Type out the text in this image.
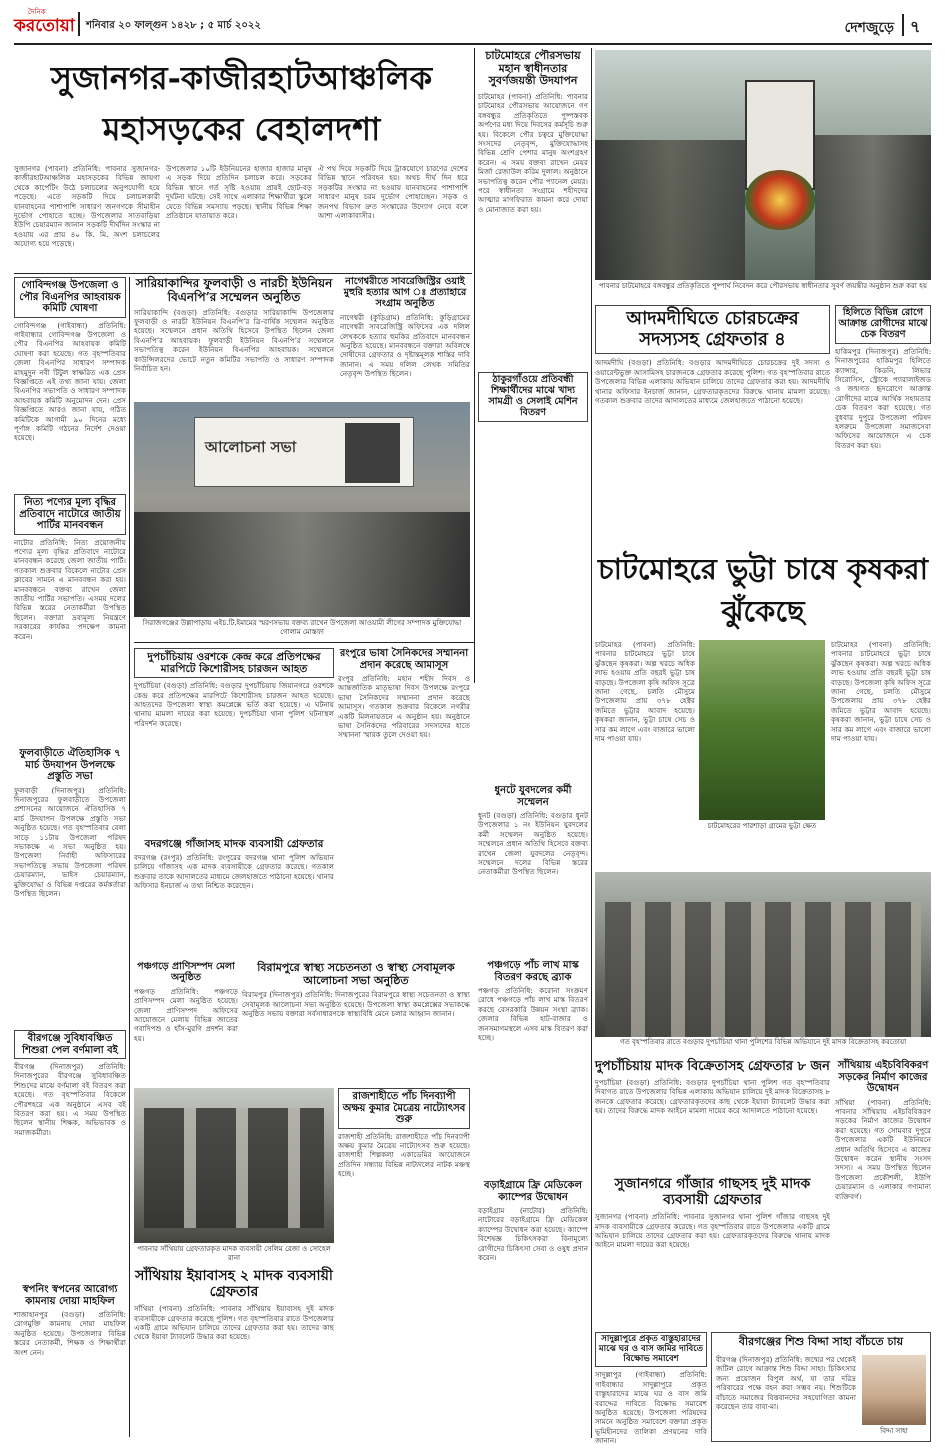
দৈনিক
করতোয়া শনিবার ২০ ফাল্গুন ১৪২৮ ; ৫ মার্চ ২০২২	দেশজুড়ে ৭
সুজানগর-কাজীরহাটআঞ্চলিক
মহাসড়কের বেহালদশা
সুজানগর (পাবনা) প্রতিনিধি: পাবনার সুজানগর-কাজীরহাটআঞ্চলিক মহাসড়কের বিভিন্ন জায়গা থেকে কার্পেটিং উঠে চলাচলের অনুপযোগী হয়ে পড়েছে। এতে সড়কটি দিয়ে চলাচলকারী যানবাহনের পাশাপাশি সাধারণ জনগণকে সীমাহীন দুর্ভোগ পোহাতে হচ্ছে। উপজেলার সাতবাড়িয়া ইউপি চেয়ারম্যান জানান সড়কটি দীর্ঘদিন সংস্কার না হওয়ায় এর প্রায় ৪০ কি. মি. অংশ চলাচলের অযোগ্য হয়ে পড়েছে।
উপজেলার ১০টি ইউনিয়নের হাজার হাজার মানুষ এ সড়ক দিয়ে প্রতিদিন চলাচল করে। সড়কের বিভিন্ন স্থানে গর্ত সৃষ্টি হওয়ায় প্রায়ই ছোট-বড় দুর্ঘটনা ঘটছে। সেই সাথে এলাকার শিক্ষার্থীরা স্কুলে যেতে বিভিন্ন সমস্যায় পড়ছে। স্থানীয় বিভিন্ন শিক্ষা প্রতিষ্ঠানে যাতায়াত করে।
ঐ পথ দিয়ে সড়কটি দিয়ে ট্রাকযোগে চারণের দেশের বিভিন্ন স্থানে পরিবহন হয়। অথচ দীর্ঘ দিন ধরে সড়কটির সংস্কার না হওয়ায় যানবাহনের পাশাপাশি সাধারণ মানুষ চরম দুর্ভোগ পোহাচ্ছেন। সড়ক ও জনপথ বিভাগ দ্রুত সংস্কারের উদ্যোগ নেবে বলে আশা এলাকাবাসীর।
চাটমোহরে পৌরসভায় মহান স্বাধীনতার সুবর্ণজয়ন্তী উদযাপন
চাটমোহর (পাবনা) প্রতিনিধি: পাবনার চাটমোহর পৌরসভায় আয়োজনে গণ বঙ্গবন্ধুর প্রতিকৃতিতে পুষ্পস্তবক অর্পণের মধ্য দিয়ে দিবসের কর্মসূচি শুরু হয়। বিকেলে পৌর চত্বরে মুক্তিযোদ্ধা সংসদের নেতৃবৃন্দ, মুক্তিযোদ্ধাসহ বিভিন্ন শ্রেণি পেশার মানুষ অংশগ্রহণ করেন। এ সময় বক্তব্য রাখেন মেয়র মির্জা রেজাউল করিম দুলাল। অনুষ্ঠানে সভাপতিত্ব করেন পৌর প্যানেল মেয়র। পরে স্বাধীনতা সংগ্রামে শহীদদের আত্মার মাগফিরাত কামনা করে দোয়া ও মোনাজাত করা হয়।
পাবনার চাটমোহরে বঙ্গবন্ধুর প্রতিকৃতিতে পুষ্পার্ঘ নিবেদন করে পৌরসভায় স্বাধীনতার সুবর্ণ জয়ন্তীর অনুষ্ঠান শুরু করা হয়
গোবিন্দগঞ্জ উপজেলা ও পৌর বিএনপির আহবায়ক কমিটি ঘোষণা
গোবিন্দগঞ্জ (গাইবান্ধা) প্রতিনিধি: গাইবান্ধার গোবিন্দগঞ্জ উপজেলা ও পৌর বিএনপির আহবায়ক কমিটি ঘোষণা করা হয়েছে। গত বৃহস্পতিবার জেলা বিএনপির সাধারণ সম্পাদক মাহমুদুন নবী টিটুল স্বাক্ষরিত এক প্রেস বিজ্ঞপ্তিতে এই তথ্য জানা যায়। জেলা বিএনপির সভাপতি ও সাধারণ সম্পাদক আহবায়ক কমিটি অনুমোদন দেন। প্রেস বিজ্ঞপ্তিতে আরও জানা যায়, গঠিত কমিটিকে আগামী ৯০ দিনের মধ্যে পূর্ণাঙ্গ কমিটি গঠনের নির্দেশ দেওয়া হয়েছে।
নিত্য পণ্যের মূল্য বৃদ্ধির প্রতিবাদে নাটোরে জাতীয় পার্টির মানববন্ধন
নাটোর প্রতিনিধি: নিত্য প্রয়োজনীয় পণ্যের মূল্য বৃদ্ধির প্রতিবাদে নাটোরে মানববন্ধন করেছে জেলা জাতীয় পার্টি। গতকাল শুক্রবার বিকেলে নাটোর প্রেস ক্লাবের সামনে এ মানববন্ধন করা হয়। মানববন্ধনে বক্তব্য রাখেন জেলা জাতীয় পার্টির সভাপতি। এসময় দলের বিভিন্ন স্তরের নেতাকর্মীরা উপস্থিত ছিলেন। বক্তারা দ্রব্যমূল্য নিয়ন্ত্রণে সরকারের কার্যকর পদক্ষেপ কামনা করেন।
ফুলবাড়ীতে ঐতিহাসিক ৭ মার্চ উদযাপন উপলক্ষে প্রস্তুতি সভা
ফুলবাড়ী (দিনাজপুর) প্রতিনিধি: দিনাজপুরের ফুলবাড়ীতে উপজেলা প্রশাসনের আয়োজনে ঐতিহাসিক ৭ মার্চ উদযাপন উপলক্ষে প্রস্তুতি সভা অনুষ্ঠিত হয়েছে। গত বৃহস্পতিবার বেলা সাড়ে ১১টায় উপজেলা পরিষদ সভাকক্ষে এ সভা অনুষ্ঠিত হয়। উপজেলা নির্বাহী অফিসারের সভাপতিত্বে সভায় উপজেলা পরিষদ চেয়ারম্যান, ভাইস চেয়ারম্যান, মুক্তিযোদ্ধা ও বিভিন্ন দপ্তরের কর্মকর্তারা উপস্থিত ছিলেন।
বীরগঞ্জে সুবিধাবঞ্চিত শিশুরা পেল বর্ণমালা বই
বীরগঞ্জ (দিনাজপুর) প্রতিনিধি: দিনাজপুরের বীরগঞ্জে সুবিধাবঞ্চিত শিশুদের মাঝে বর্ণমালা বই বিতরণ করা হয়েছে। গত বৃহস্পতিবার বিকেলে পৌরশহরে এক অনুষ্ঠানে এসব বই বিতরণ করা হয়। এ সময় উপস্থিত ছিলেন স্থানীয় শিক্ষক, অভিভাবক ও সমাজকর্মীরা।
স্বপনিং স্বপনের আরোগ্য কামনায় দোয়া মাহফিল
শাজাহানপুর (বগুড়া) প্রতিনিধি: রোগমুক্তি কামনায় দোয়া মাহফিল অনুষ্ঠিত হয়েছে। উপজেলার বিভিন্ন স্তরের নেতাকর্মী, শিক্ষক ও শিক্ষার্থীরা অংশ নেন।
সারিয়াকান্দির ফুলবাড়ী ও নারচী ইউনিয়ন বিএনপি’র সম্মেলন অনুষ্ঠিত
সারিয়াকান্দি (বগুড়া) প্রতিনিধি: বগুড়ার সারিয়াকান্দি উপজেলার ফুলবাড়ী ও নারচী ইউনিয়ন বিএনপি’র ত্রি-বার্ষিক সম্মেলন অনুষ্ঠিত হয়েছে। সম্মেলনে প্রধান অতিথি হিসেবে উপস্থিত ছিলেন জেলা বিএনপি’র আহবায়ক। ফুলবাড়ী ইউনিয়ন বিএনপি’র সম্মেলনে সভাপতিত্ব করেন ইউনিয়ন বিএনপির আহবায়ক। সম্মেলনে কাউন্সিলরদের ভোটে নতুন কমিটির সভাপতি ও সাধারণ সম্পাদক নির্বাচিত হন।
নাগেশ্বরীতে সাবরেজিস্ট্রির ওয়াই মুহুরি হত্যার আগ ঃ প্রত্যাহারে সংগ্রাম অনুষ্ঠিত
নাগেশ্বরী (কুড়িগ্রাম) প্রতিনিধি: কুড়িগ্রামের নাগেশ্বরী সাবরেজিস্ট্রি অফিসের এক দলিল লেখককে হত্যার হুমকির প্রতিবাদে মানববন্ধন অনুষ্ঠিত হয়েছে। মানববন্ধনে বক্তারা অবিলম্বে দোষীদের গ্রেফতার ও দৃষ্টান্তমূলক শাস্তির দাবি জানান। এ সময় দলিল লেখক সমিতির নেতৃবৃন্দ উপস্থিত ছিলেন।
আলোচনা সভা
সিরাজগঞ্জের উল্লাপাড়ায় এইচ.টি.ইমামের স্মরণসভায় বক্তব্য রাখেন উপজেলা আওয়ামী লীগের সম্পাদক মুক্তিযোদ্ধা গোলাম মোস্তফা
ঠাকুরগাঁওয়ে প্রতিবন্ধী শিক্ষার্থীদের মাঝে খাদ্য সামগ্রী ও সেলাই মেশিন বিতরণ
আদমদীঘিতে চোরচক্রের সদস্যসহ গ্রেফতার ৪
আদমদীঘি (বগুড়া) প্রতিনিধি: বগুড়ার আদমদীঘিতে চোরচক্রের দুই সদস্য ও ওয়ারেন্টভুক্ত আসামিসহ চারজনকে গ্রেফতার করেছে পুলিশ। গত বৃহস্পতিবার রাতে উপজেলার বিভিন্ন এলাকায় অভিযান চালিয়ে তাদের গ্রেফতার করা হয়। আদমদীঘি থানার অফিসার ইনচার্জ জানান, গ্রেফতারকৃতদের বিরুদ্ধে থানায় মামলা রয়েছে। গতকাল শুক্রবার তাদের আদালতের মাধ্যমে জেলহাজতে পাঠানো হয়েছে।
হিলিতে বিভিন্ন রোগে আক্রান্ত রোগীদের মাঝে চেক বিতরণ
হাকিমপুর (দিনাজপুর) প্রতিনিধি: দিনাজপুরের হাকিমপুর হিলিতে ক্যান্সার, কিডনি, লিভার সিরোসিস, স্ট্রোকে প্যারালাইজড ও জন্মগত হৃদরোগে আক্রান্ত রোগীদের মাঝে আর্থিক সহায়তার চেক বিতরণ করা হয়েছে। গত বুধবার দুপুরে উপজেলা পরিষদ হলরুমে উপজেলা সমাজসেবা অফিসের আয়োজনে এ চেক বিতরণ করা হয়।
চাটমোহরে ভুট্টা চাষে কৃষকরা ঝুঁকেছে
চাটমোহর (পাবনা) প্রতিনিধি: পাবনার চাটমোহরে ভুট্টা চাষে ঝুঁকছেন কৃষকরা। অল্প খরচে অধিক লাভ হওয়ায় প্রতি বছরই ভুট্টা চাষ বাড়ছে। উপজেলা কৃষি অফিস সূত্রে জানা গেছে, চলতি মৌসুমে উপজেলায় প্রায় ৩৭৮ হেক্টর জমিতে ভুট্টার আবাদ হয়েছে। কৃষকরা জানান, ভুট্টা চাষে সেচ ও সার কম লাগে এবং বাজারে ভালো দাম পাওয়া যায়।
চাটমোহরের পারশাড়া গ্রামের ভুট্টা ক্ষেত
চাটমোহর (পাবনা) প্রতিনিধি: পাবনার চাটমোহরে ভুট্টা চাষে ঝুঁকছেন কৃষকরা। অল্প খরচে অধিক লাভ হওয়ায় প্রতি বছরই ভুট্টা চাষ বাড়ছে। উপজেলা কৃষি অফিস সূত্রে জানা গেছে, চলতি মৌসুমে উপজেলায় প্রায় ৩৭৮ হেক্টর জমিতে ভুট্টার আবাদ হয়েছে। কৃষকরা জানান, ভুট্টা চাষে সেচ ও সার কম লাগে এবং বাজারে ভালো দাম পাওয়া যায়।
গত বৃহস্পতিবার রাতে বগুড়ার দুপচাঁচিয়া থানা পুলিশের বিভিন্ন অভিযানে দুই মাদক বিক্রেতাসহ করতোয়া
দুপচাঁচিয়ায় মাদক বিক্রেতাসহ গ্রেফতার ৮ জন
দুপচাঁচিয়া (বগুড়া) প্রতিনিধি: বগুড়ার দুপচাঁচিয়া থানা পুলিশ গত বৃহস্পতিবার দিবাগত রাতে উপজেলার বিভিন্ন এলাকায় অভিযান চালিয়ে দুই মাদক বিক্রেতাসহ ৮ জনকে গ্রেফতার করেছে। গ্রেফতারকৃতদের কাছ থেকে ইয়াবা ট্যাবলেট উদ্ধার করা হয়। তাদের বিরুদ্ধে মাদক আইনে মামলা দায়ের করে আদালতে পাঠানো হয়েছে।
সাঁথিয়ায় এইচবিবিকরণ সড়কের নির্মাণ কাজের উদ্বোধন
সাঁথিয়া (পাবনা) প্রতিনিধি: পাবনার সাঁথিয়ায় এইচবিবিকরণ সড়কের নির্মাণ কাজের উদ্বোধন করা হয়েছে। গত সোমবার দুপুরে উপজেলার একটি ইউনিয়নে প্রধান অতিথি হিসেবে এ কাজের উদ্বোধন করেন স্থানীয় সংসদ সদস্য। এ সময় উপস্থিত ছিলেন উপজেলা প্রকৌশলী, ইউপি চেয়ারম্যান ও এলাকার গণ্যমান্য ব্যক্তিবর্গ।
সুজানগরে গাঁজার গাছসহ দুই মাদক ব্যবসায়ী গ্রেফতার
সুজানগর (পাবনা) প্রতিনিধি: পাবনার সুজানগর থানা পুলিশ গাঁজার গাছসহ দুই মাদক ব্যবসায়ীকে গ্রেফতার করেছে। গত বৃহস্পতিবার রাতে উপজেলার একটি গ্রামে অভিযান চালিয়ে তাদের গ্রেফতার করা হয়। গ্রেফতারকৃতদের বিরুদ্ধে থানায় মাদক আইনে মামলা দায়ের করা হয়েছে।
সাদুল্লাপুরে প্রকৃত বাস্তুহারাদের মাঝে ঘর ও বাস জমির দাবিতে বিক্ষোভ সমাবেশ
সাদুল্লাপুর (গাইবান্ধা) প্রতিনিধি: গাইবান্ধার সাদুল্লাপুরে প্রকৃত বাস্তুহারাদের মাঝে ঘর ও বাস জমি বরাদ্দের দাবিতে বিক্ষোভ সমাবেশ অনুষ্ঠিত হয়েছে। উপজেলা পরিষদের সামনে অনুষ্ঠিত সমাবেশে বক্তারা প্রকৃত ভূমিহীনদের তালিকা প্রণয়নের দাবি জানান।
বীরগঞ্জের শিশু বিদ্দা সাহা বাঁচতে চায়
বীরগঞ্জ (দিনাজপুর) প্রতিনিধি: জন্মের পর থেকেই জটিল রোগে আক্রান্ত শিশু বিদ্দা সাহা। চিকিৎসার জন্য প্রয়োজন বিপুল অর্থ, যা তার দরিদ্র পরিবারের পক্ষে বহন করা সম্ভব নয়। শিশুটিকে বাঁচাতে সমাজের বিত্তবানদের সহযোগিতা কামনা করেছেন তার বাবা-মা।
বিদ্দা সাহা
দুপচাঁচিয়ায় ওরশকে কেন্দ্র করে প্রতিপক্ষের মারপিটে কিশোরীসহ চারজন আহত
দুপচাঁচিয়া (বগুড়া) প্রতিনিধি: বগুড়ার দুপচাঁচিয়ায় জিয়ানগরে ওরশকে কেন্দ্র করে প্রতিপক্ষের মারপিটে কিশোরীসহ চারজন আহত হয়েছে। আহতদের উপজেলা স্বাস্থ্য কমপ্লেক্সে ভর্তি করা হয়েছে। এ ঘটনায় থানায় মামলা দায়ের করা হয়েছে। দুপচাঁচিয়া থানা পুলিশ ঘটনাস্থল পরিদর্শন করেছে।
রংপুরে ভাষা সৈনিকদের সম্মাননা প্রদান করেছে আমাসূস
রংপুর প্রতিনিধি: মহান শহীদ দিবস ও আন্তর্জাতিক মাতৃভাষা দিবস উপলক্ষে রংপুরে ভাষা সৈনিকদের সম্মাননা প্রদান করেছে আমাসূস। গতকাল শুক্রবার বিকেলে নগরীর একটি মিলনায়তনে এ অনুষ্ঠান হয়। অনুষ্ঠানে ভাষা সৈনিকদের পরিবারের সদস্যদের হাতে সম্মাননা স্মারক তুলে দেওয়া হয়।
ধুনটে যুবদলের কর্মী সম্মেলন
ধুনট (বগুড়া) প্রতিনিধি: বগুড়ার ধুনট উপজেলার ১ নং ইউনিয়ন যুবদলের কর্মী সম্মেলন অনুষ্ঠিত হয়েছে। সম্মেলনে প্রধান অতিথি হিসেবে বক্তব্য রাখেন জেলা যুবদলের নেতৃবৃন্দ। সম্মেলনে দলের বিভিন্ন স্তরের নেতাকর্মীরা উপস্থিত ছিলেন।
বদরগঞ্জে গাঁজাসহ মাদক ব্যবসায়ী গ্রেফতার
বদরগঞ্জ (রংপুর) প্রতিনিধি: রংপুরের বদরগঞ্জ থানা পুলিশ অভিযান চালিয়ে গাঁজাসহ এক মাদক ব্যবসায়ীকে গ্রেফতার করেছে। গতকাল শুক্রবার তাকে আদালতের মাধ্যমে জেলহাজতে পাঠানো হয়েছে। থানার অফিসার ইনচার্জ এ তথ্য নিশ্চিত করেছেন।
পঞ্চগড়ে প্রাণিসম্পদ মেলা অনুষ্ঠিত
পঞ্চগড় প্রতিনিধি: পঞ্চগড়ে প্রাণিসম্পদ মেলা অনুষ্ঠিত হয়েছে। জেলা প্রাণিসম্পদ অফিসের আয়োজনে মেলায় বিভিন্ন জাতের গবাদিপশু ও হাঁস-মুরগি প্রদর্শন করা হয়।
বিরামপুরে স্বাস্থ্য সচেতনতা ও স্বাস্থ্য সেবামূলক আলোচনা সভা অনুষ্ঠিত
বিরামপুর (দিনাজপুর) প্রতিনিধি: দিনাজপুরের বিরামপুরে স্বাস্থ্য সচেতনতা ও স্বাস্থ্য সেবামূলক আলোচনা সভা অনুষ্ঠিত হয়েছে। উপজেলা স্বাস্থ্য কমপ্লেক্সের সভাকক্ষে অনুষ্ঠিত সভায় বক্তারা সর্বসাধারণকে স্বাস্থ্যবিধি মেনে চলার আহ্বান জানান।
পঞ্চগড়ে পাঁচ লাখ মাস্ক বিতরণ করছে ব্র্যাক
পঞ্চগড় প্রতিনিধি: করোনা সংক্রমণ রোধে পঞ্চগড়ে পাঁচ লাখ মাস্ক বিতরণ করছে বেসরকারি উন্নয়ন সংস্থা ব্র্যাক। জেলার বিভিন্ন হাট-বাজার ও জনসমাগমস্থলে এসব মাস্ক বিতরণ করা হচ্ছে।
পাবনার সাঁথিয়ায় গ্রেফতারকৃত মাদক ব্যবসায়ী সেলিম রেজা ও সোহেল রানা
সাঁথিয়ায় ইয়াবাসহ ২ মাদক ব্যবসায়ী গ্রেফতার
সাঁথিয়া (পাবনা) প্রতিনিধি: পাবনার সাঁথিয়ায় ইয়াবাসহ দুই মাদক ব্যবসায়ীকে গ্রেফতার করেছে পুলিশ। গত বৃহস্পতিবার রাতে উপজেলার একটি গ্রামে অভিযান চালিয়ে তাদের গ্রেফতার করা হয়। তাদের কাছ থেকে ইয়াবা ট্যাবলেট উদ্ধার করা হয়েছে।
রাজশাহীতে পাঁচ দিনব্যাপী অক্ষয় কুমার মৈত্রেয় নাট্যোৎসব শুরু
রাজশাহী প্রতিনিধি: রাজশাহীতে পাঁচ দিনব্যাপী অক্ষয় কুমার মৈত্রেয় নাট্যোৎসব শুরু হয়েছে। রাজশাহী শিল্পকলা একাডেমির আয়োজনে প্রতিদিন সন্ধ্যায় বিভিন্ন নাট্যদলের নাটক মঞ্চস্থ হচ্ছে।
বড়াইগ্রামে ফ্রি মেডিকেল ক্যাম্পের উদ্বোধন
বড়াইগ্রাম (নাটোর) প্রতিনিধি: নাটোরের বড়াইগ্রামে ফ্রি মেডিকেল ক্যাম্পের উদ্বোধন করা হয়েছে। ক্যাম্পে বিশেষজ্ঞ চিকিৎসকরা বিনামূল্যে রোগীদের চিকিৎসা সেবা ও ওষুধ প্রদান করেন।
